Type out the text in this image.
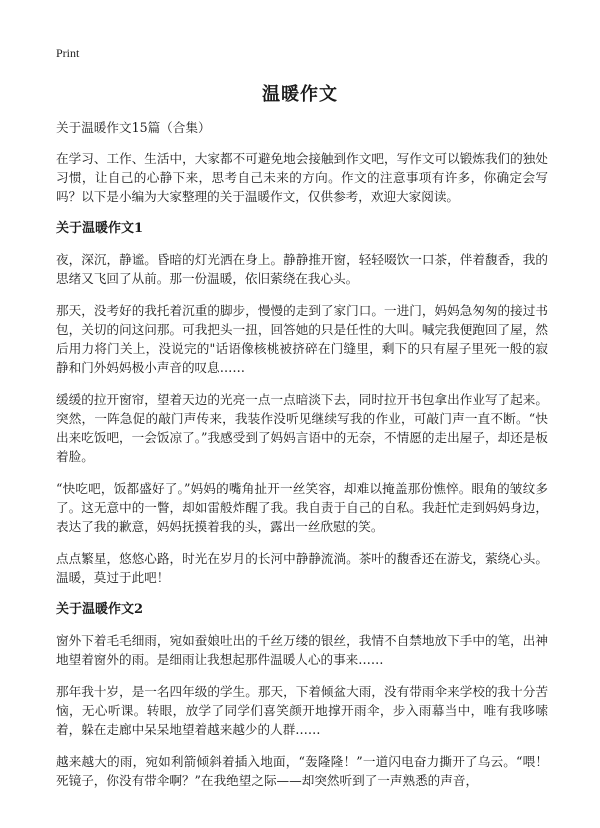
Print
温暖作文

关于温暖作文15篇（合集）

在学习、工作、生活中，大家都不可避免地会接触到作文吧，写作文可以锻炼我们的独处习惯，让自己的心静下来，思考自己未来的方向。作文的注意事项有许多，你确定会写吗？以下是小编为大家整理的关于温暖作文，仅供参考，欢迎大家阅读。

关于温暖作文1

夜，深沉，静谧。昏暗的灯光洒在身上。静静推开窗，轻轻啜饮一口茶，伴着馥香，我的思绪又飞回了从前。那一份温暖，依旧萦绕在我心头。

那天，没考好的我托着沉重的脚步，慢慢的走到了家门口。一进门，妈妈急匆匆的接过书包，关切的问这问那。可我把头一扭，回答她的只是任性的大叫。喊完我便跑回了屋，然后用力将门关上，没说完的"话语像核桃被挤碎在门缝里，剩下的只有屋子里死一般的寂静和门外妈妈极小声音的叹息……

缓缓的拉开窗帘，望着天边的光亮一点一点暗淡下去，同时拉开书包拿出作业写了起来。突然，一阵急促的敲门声传来，我装作没听见继续写我的作业，可敲门声一直不断。“快出来吃饭吧，一会饭凉了。”我感受到了妈妈言语中的无奈，不情愿的走出屋子，却还是板着脸。

“快吃吧，饭都盛好了。”妈妈的嘴角扯开一丝笑容，却难以掩盖那份憔悴。眼角的皱纹多了。这无意中的一瞥，却如雷般炸醒了我。我自责于自己的自私。我赶忙走到妈妈身边，表达了我的歉意，妈妈抚摸着我的头，露出一丝欣慰的笑。

点点繁星，悠悠心路，时光在岁月的长河中静静流淌。茶叶的馥香还在游戈，萦绕心头。温暖，莫过于此吧！

关于温暖作文2

窗外下着毛毛细雨，宛如蚕娘吐出的千丝万缕的银丝，我情不自禁地放下手中的笔，出神地望着窗外的雨。是细雨让我想起那件温暖人心的事来……

那年我十岁，是一名四年级的学生。那天，下着倾盆大雨，没有带雨伞来学校的我十分苦恼，无心听课。转眼，放学了同学们喜笑颜开地撑开雨伞，步入雨幕当中，唯有我哆嗦着，躲在走廊中呆呆地望着越来越少的人群……

越来越大的雨，宛如利箭倾斜着插入地面，“轰隆隆！”一道闪电奋力撕开了乌云。“喂！死镜子，你没有带伞啊？”在我绝望之际——却突然听到了一声熟悉的声音，
